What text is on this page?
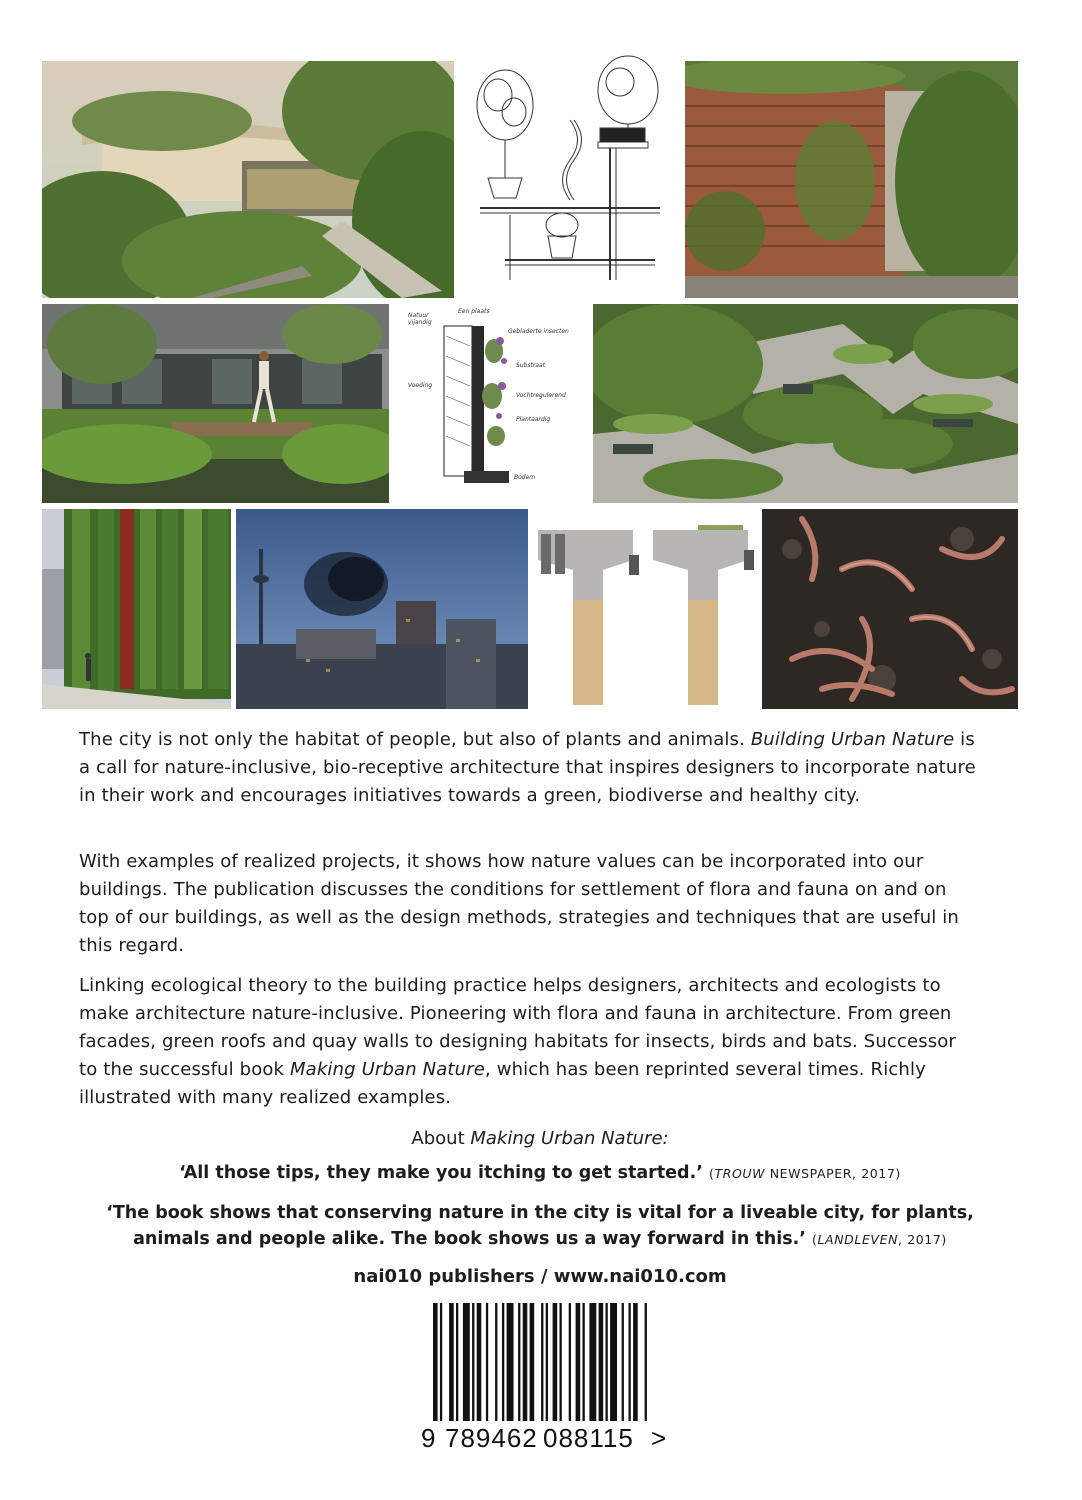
Natuur vijandig
Een plaats
Gebladerte insecten
Substraat
Vochtregulerend
Plantaardig
Voeding
Bodem

The city is not only the habitat of people, but also of plants and animals. Building Urban Nature is a call for nature-inclusive, bio-receptive architecture that inspires designers to incorporate nature in their work and encourages initiatives towards a green, biodiverse and healthy city.

With examples of realized projects, it shows how nature values can be incorporated into our buildings. The publication discusses the conditions for settlement of flora and fauna on and on top of our buildings, as well as the design methods, strategies and techniques that are useful in this regard.

Linking ecological theory to the building practice helps designers, architects and ecologists to make architecture nature-inclusive. Pioneering with flora and fauna in architecture. From green facades, green roofs and quay walls to designing habitats for insects, birds and bats. Successor to the successful book Making Urban Nature, which has been reprinted several times. Richly illustrated with many realized examples.

About Making Urban Nature:

‘All those tips, they make you itching to get started.’ (TROUW NEWSPAPER, 2017)

‘The book shows that conserving nature in the city is vital for a liveable city, for plants,
animals and people alike. The book shows us a way forward in this.’ (LANDLEVEN, 2017)

nai010 publishers / www.nai010.com

9 789462 088115 >
